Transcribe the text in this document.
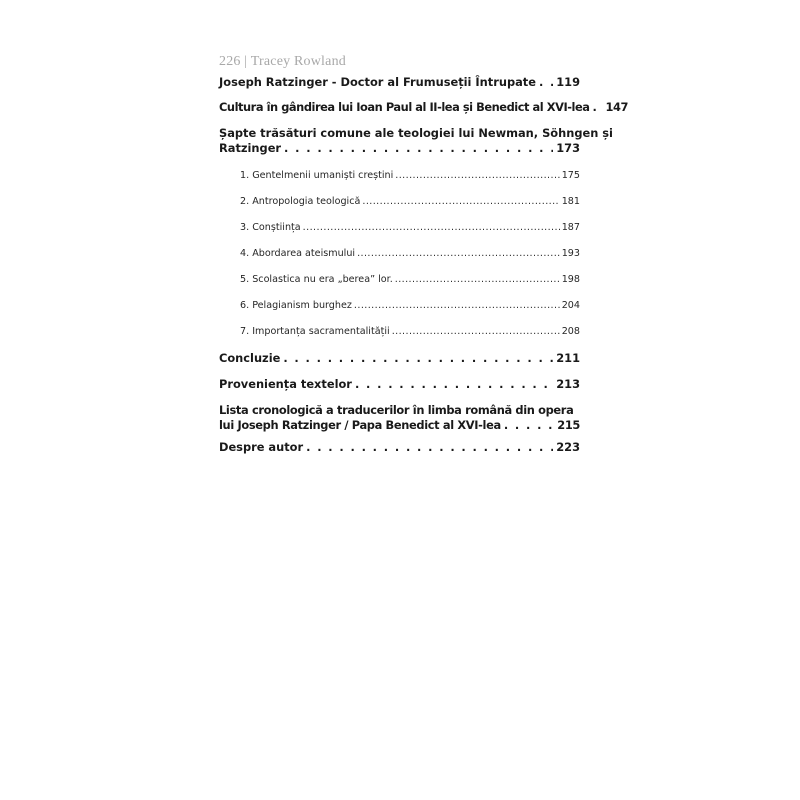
226 | Tracey Rowland
Joseph Ratzinger - Doctor al Frumuseții Întrupate . . . 119
Cultura în gândirea lui Ioan Paul al II-lea și Benedict al XVI-lea . . . 147
Șapte trăsături comune ale teologiei lui Newman, Söhngen și
Ratzinger . . .	173
1. Gentelmenii umaniști creștini .....	175
2. Antropologia teologică .....	181
3. Conștiința .....	187
4. Abordarea ateismului .....	193
5. Scolastica nu era „berea” lor. .....	198
6. Pelagianism burghez .....	204
7. Importanța sacramentalității .....	208
Concluzie . . .	211
Proveniența textelor . . .	213
Lista cronologică a traducerilor în limba română din opera
lui Joseph Ratzinger / Papa Benedict al XVI-lea . . .	215
Despre autor . . .	223
